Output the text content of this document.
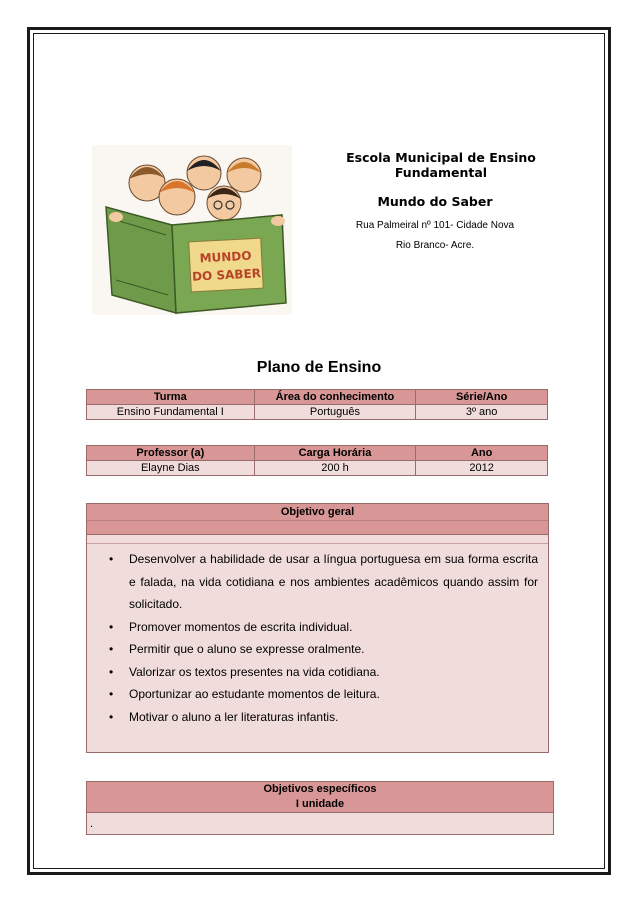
MUNDO
DO SABER
Escola Municipal de Ensino Fundamental
Mundo do Saber
Rua Palmeiral nº 101- Cidade Nova
Rio Branco- Acre.
Plano de Ensino
Turma	Área do conhecimento	Série/Ano
Ensino Fundamental I	Português	3º ano
Professor (a)	Carga Horária	Ano
Elayne Dias	200 h	2012
Objetivo geral
• Desenvolver a habilidade de usar a língua portuguesa em sua forma escrita e falada, na vida cotidiana e nos ambientes acadêmicos quando assim for solicitado.
• Promover momentos de escrita individual.
• Permitir que o aluno se expresse oralmente.
• Valorizar os textos presentes na vida cotidiana.
• Oportunizar ao estudante momentos de leitura.
• Motivar o aluno a ler literaturas infantis.
Objetivos específicos
I unidade
.
